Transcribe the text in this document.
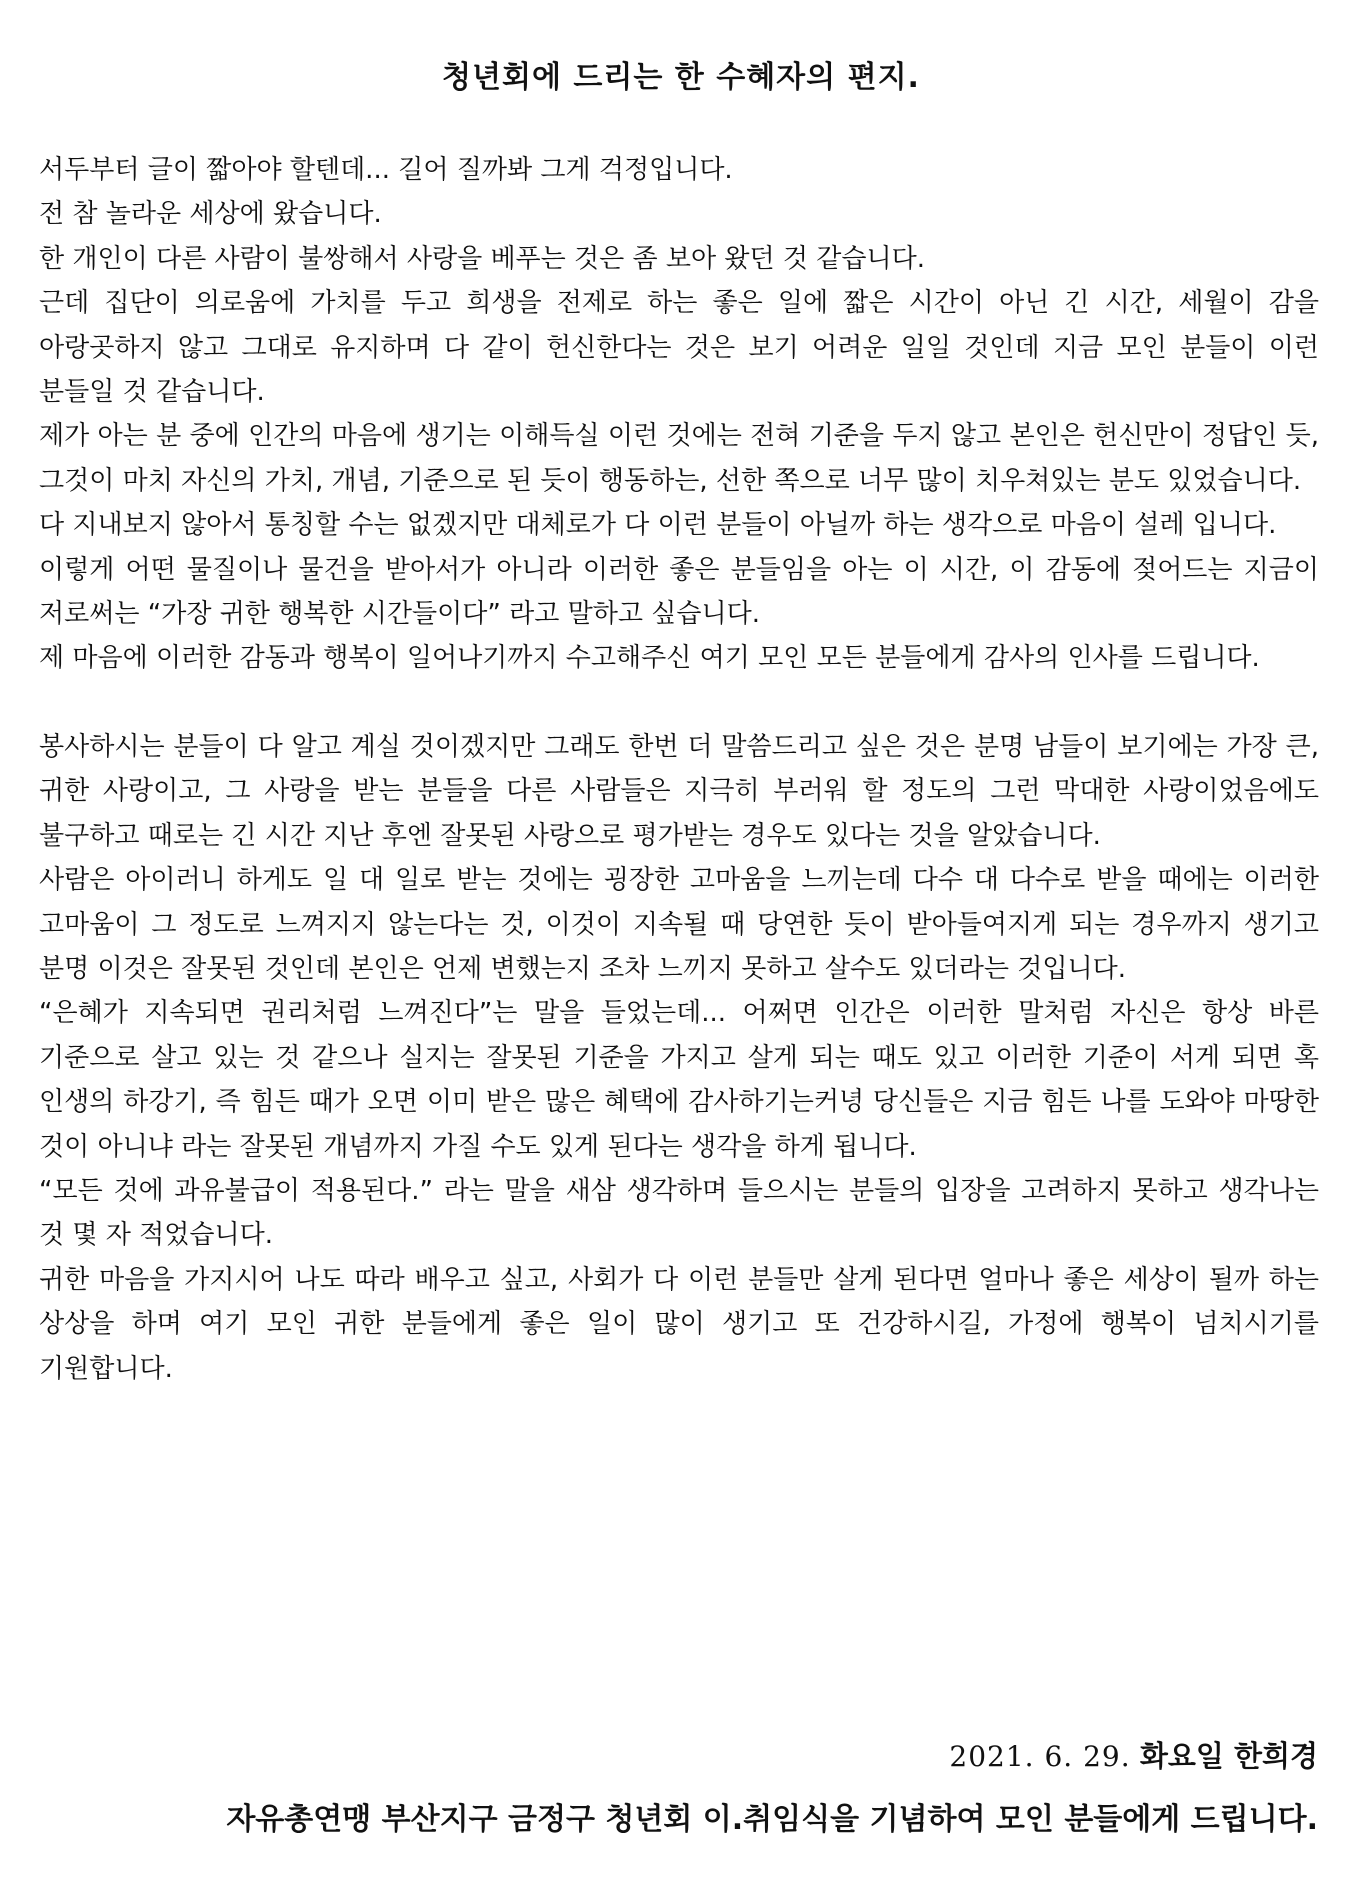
청년회에 드리는 한 수혜자의 편지.

서두부터 글이 짧아야 할텐데... 길어 질까봐 그게 걱정입니다.

전 참 놀라운 세상에 왔습니다.

한 개인이 다른 사람이 불쌍해서 사랑을 베푸는 것은 좀 보아 왔던 것 같습니다.

근데 집단이 의로움에 가치를 두고 희생을 전제로 하는 좋은 일에 짧은 시간이 아닌 긴 시간, 세월이 감을 아랑곳하지 않고 그대로 유지하며 다 같이 헌신한다는 것은 보기 어려운 일일 것인데 지금 모인 분들이 이런 분들일 것 같습니다.

제가 아는 분 중에 인간의 마음에 생기는 이해득실 이런 것에는 전혀 기준을 두지 않고 본인은 헌신만이 정답인 듯, 그것이 마치 자신의 가치, 개념, 기준으로 된 듯이 행동하는, 선한 쪽으로 너무 많이 치우쳐있는 분도 있었습니다.

다 지내보지 않아서 통칭할 수는 없겠지만 대체로가 다 이런 분들이 아닐까 하는 생각으로 마음이 설레 입니다.

이렇게 어떤 물질이나 물건을 받아서가 아니라 이러한 좋은 분들임을 아는 이 시간, 이 감동에 젖어드는 지금이 저로써는 “가장 귀한 행복한 시간들이다” 라고 말하고 싶습니다.

제 마음에 이러한 감동과 행복이 일어나기까지 수고해주신 여기 모인 모든 분들에게 감사의 인사를 드립니다.

봉사하시는 분들이 다 알고 계실 것이겠지만 그래도 한번 더 말씀드리고 싶은 것은 분명 남들이 보기에는 가장 큰, 귀한 사랑이고, 그 사랑을 받는 분들을 다른 사람들은 지극히 부러워 할 정도의 그런 막대한 사랑이었음에도 불구하고 때로는 긴 시간 지난 후엔 잘못된 사랑으로 평가받는 경우도 있다는 것을 알았습니다.

사람은 아이러니 하게도 일 대 일로 받는 것에는 굉장한 고마움을 느끼는데 다수 대 다수로 받을 때에는 이러한 고마움이 그 정도로 느껴지지 않는다는 것, 이것이 지속될 때 당연한 듯이 받아들여지게 되는 경우까지 생기고 분명 이것은 잘못된 것인데 본인은 언제 변했는지 조차 느끼지 못하고 살수도 있더라는 것입니다.

“은혜가 지속되면 권리처럼 느껴진다”는 말을 들었는데... 어쩌면 인간은 이러한 말처럼 자신은 항상 바른 기준으로 살고 있는 것 같으나 실지는 잘못된 기준을 가지고 살게 되는 때도 있고 이러한 기준이 서게 되면 혹 인생의 하강기, 즉 힘든 때가 오면 이미 받은 많은 혜택에 감사하기는커녕 당신들은 지금 힘든 나를 도와야 마땅한 것이 아니냐 라는 잘못된 개념까지 가질 수도 있게 된다는 생각을 하게 됩니다.

“모든 것에 과유불급이 적용된다.” 라는 말을 새삼 생각하며 들으시는 분들의 입장을 고려하지 못하고 생각나는 것 몇 자 적었습니다.

귀한 마음을 가지시어 나도 따라 배우고 싶고, 사회가 다 이런 분들만 살게 된다면 얼마나 좋은 세상이 될까 하는 상상을 하며 여기 모인 귀한 분들에게 좋은 일이 많이 생기고 또 건강하시길, 가정에 행복이 넘치시기를 기원합니다.

2021. 6. 29. 화요일 한희경
자유총연맹 부산지구 금정구 청년회 이.취임식을 기념하여 모인 분들에게 드립니다.
